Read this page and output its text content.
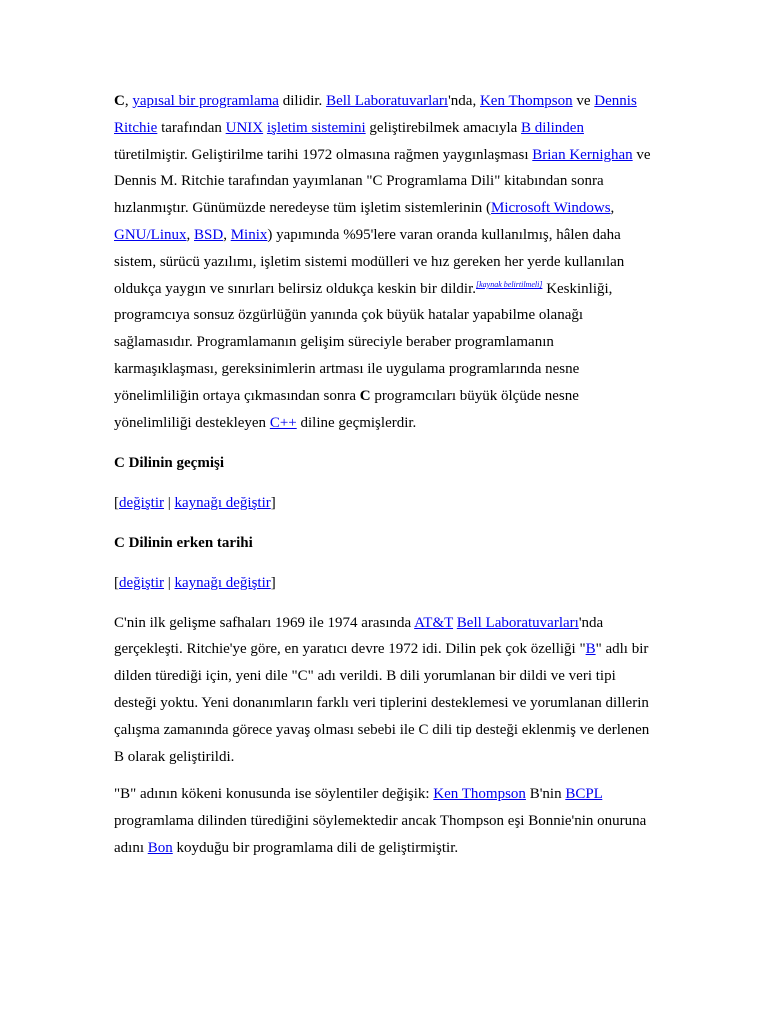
C, yapısal bir programlama dilidir. Bell Laboratuvarları'nda, Ken Thompson ve Dennis Ritchie tarafından UNIX işletim sistemini geliştirebilmek amacıyla B dilinden türetilmiştir. Geliştirilme tarihi 1972 olmasına rağmen yaygınlaşması Brian Kernighan ve Dennis M. Ritchie tarafından yayımlanan "C Programlama Dili" kitabından sonra hızlanmıştır. Günümüzde neredeyse tüm işletim sistemlerinin (Microsoft Windows, GNU/Linux, BSD, Minix) yapımında %95'lere varan oranda kullanılmış, hâlen daha sistem, sürücü yazılımı, işletim sistemi modülleri ve hız gereken her yerde kullanılan oldukça yaygın ve sınırları belirsiz oldukça keskin bir dildir.[kaynak belirtilmeli] Keskinliği, programcıya sonsuz özgürlüğün yanında çok büyük hatalar yapabilme olanağı sağlamasıdır. Programlamanın gelişim süreciyle beraber programlamanın karmaşıklaşması, gereksinimlerin artması ile uygulama programlarında nesne yönelimliliğin ortaya çıkmasından sonra C programcıları büyük ölçüde nesne yönelimliliği destekleyen C++ diline geçmişlerdir.

C Dilinin geçmişi

[değiştir | kaynağı değiştir]

C Dilinin erken tarihi

[değiştir | kaynağı değiştir]

C'nin ilk gelişme safhaları 1969 ile 1974 arasında AT&T Bell Laboratuvarları'nda gerçekleşti. Ritchie'ye göre, en yaratıcı devre 1972 idi. Dilin pek çok özelliği "B" adlı bir dilden türediği için, yeni dile "C" adı verildi. B dili yorumlanan bir dildi ve veri tipi desteği yoktu. Yeni donanımların farklı veri tiplerini desteklemesi ve yorumlanan dillerin çalışma zamanında görece yavaş olması sebebi ile C dili tip desteği eklenmiş ve derlenen B olarak geliştirildi.

"B" adının kökeni konusunda ise söylentiler değişik: Ken Thompson B'nin BCPL programlama dilinden türediğini söylemektedir ancak Thompson eşi Bonnie'nin onuruna adını Bon koyduğu bir programlama dili de geliştirmiştir.
